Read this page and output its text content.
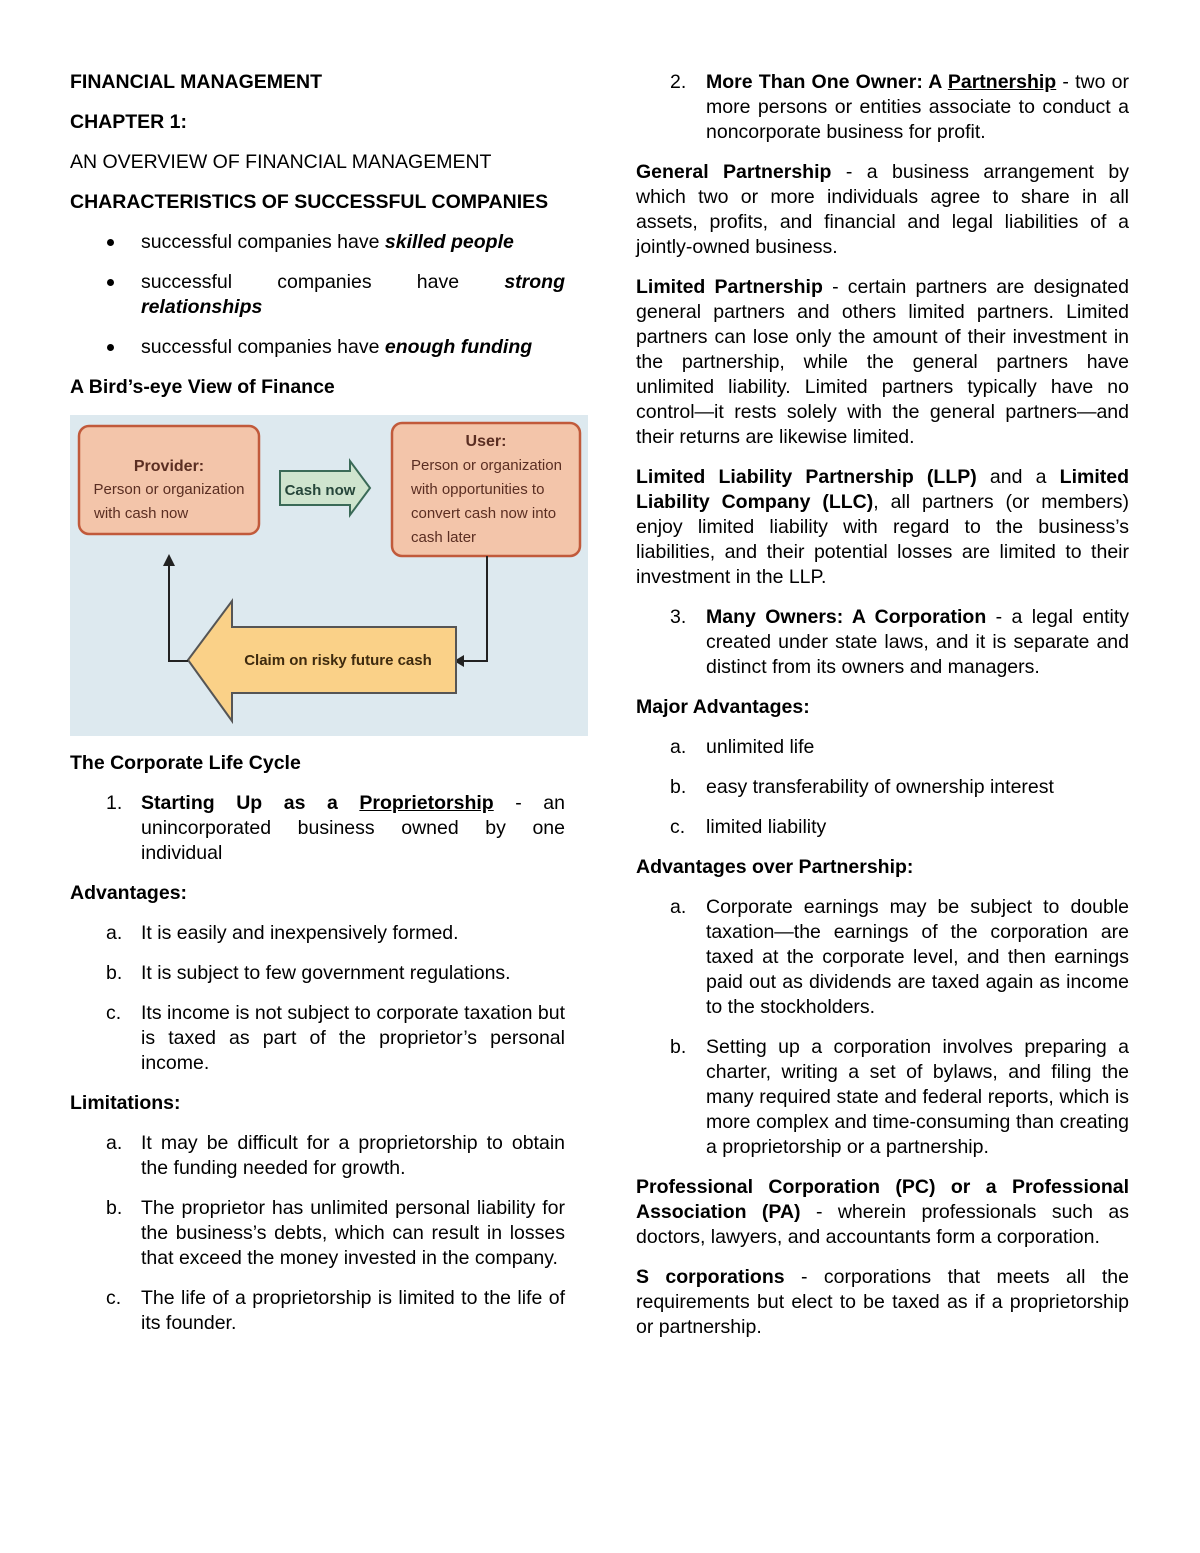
FINANCIAL MANAGEMENT

CHAPTER 1:

AN OVERVIEW OF FINANCIAL MANAGEMENT

CHARACTERISTICS OF SUCCESSFUL COMPANIES

successful companies have skilled people
successful companies have strong relationships
successful companies have enough funding

A Bird’s-eye View of Finance

Provider:
Person or organization
with cash now
Cash now
User:
Person or organization
with opportunities to
convert cash now into
cash later
Claim on risky future cash

The Corporate Life Cycle

1. Starting Up as a Proprietorship - an unincorporated business owned by one individual

Advantages:

a. It is easily and inexpensively formed.
b. It is subject to few government regulations.
c. Its income is not subject to corporate taxation but is taxed as part of the proprietor’s personal income.

Limitations:

a. It may be difficult for a proprietorship to obtain the funding needed for growth.
b. The proprietor has unlimited personal liability for the business’s debts, which can result in losses that exceed the money invested in the company.
c. The life of a proprietorship is limited to the life of its founder.
2. More Than One Owner: A Partnership - two or more persons or entities associate to conduct a noncorporate business for profit.

General Partnership - a business arrangement by which two or more individuals agree to share in all assets, profits, and financial and legal liabilities of a jointly-owned business.

Limited Partnership - certain partners are designated general partners and others limited partners. Limited partners can lose only the amount of their investment in the partnership, while the general partners have unlimited liability. Limited partners typically have no control—it rests solely with the general partners—and their returns are likewise limited.

Limited Liability Partnership (LLP) and a Limited Liability Company (LLC), all partners (or members) enjoy limited liability with regard to the business’s liabilities, and their potential losses are limited to their investment in the LLP.

3. Many Owners: A Corporation - a legal entity created under state laws, and it is separate and distinct from its owners and managers.

Major Advantages:

a. unlimited life
b. easy transferability of ownership interest
c. limited liability

Advantages over Partnership:

a. Corporate earnings may be subject to double taxation—the earnings of the corporation are taxed at the corporate level, and then earnings paid out as dividends are taxed again as income to the stockholders.
b. Setting up a corporation involves preparing a charter, writing a set of bylaws, and filing the many required state and federal reports, which is more complex and time-consuming than creating a proprietorship or a partnership.

Professional Corporation (PC) or a Professional Association (PA) - wherein professionals such as doctors, lawyers, and accountants form a corporation.

S corporations - corporations that meets all the requirements but elect to be taxed as if a proprietorship or partnership.
